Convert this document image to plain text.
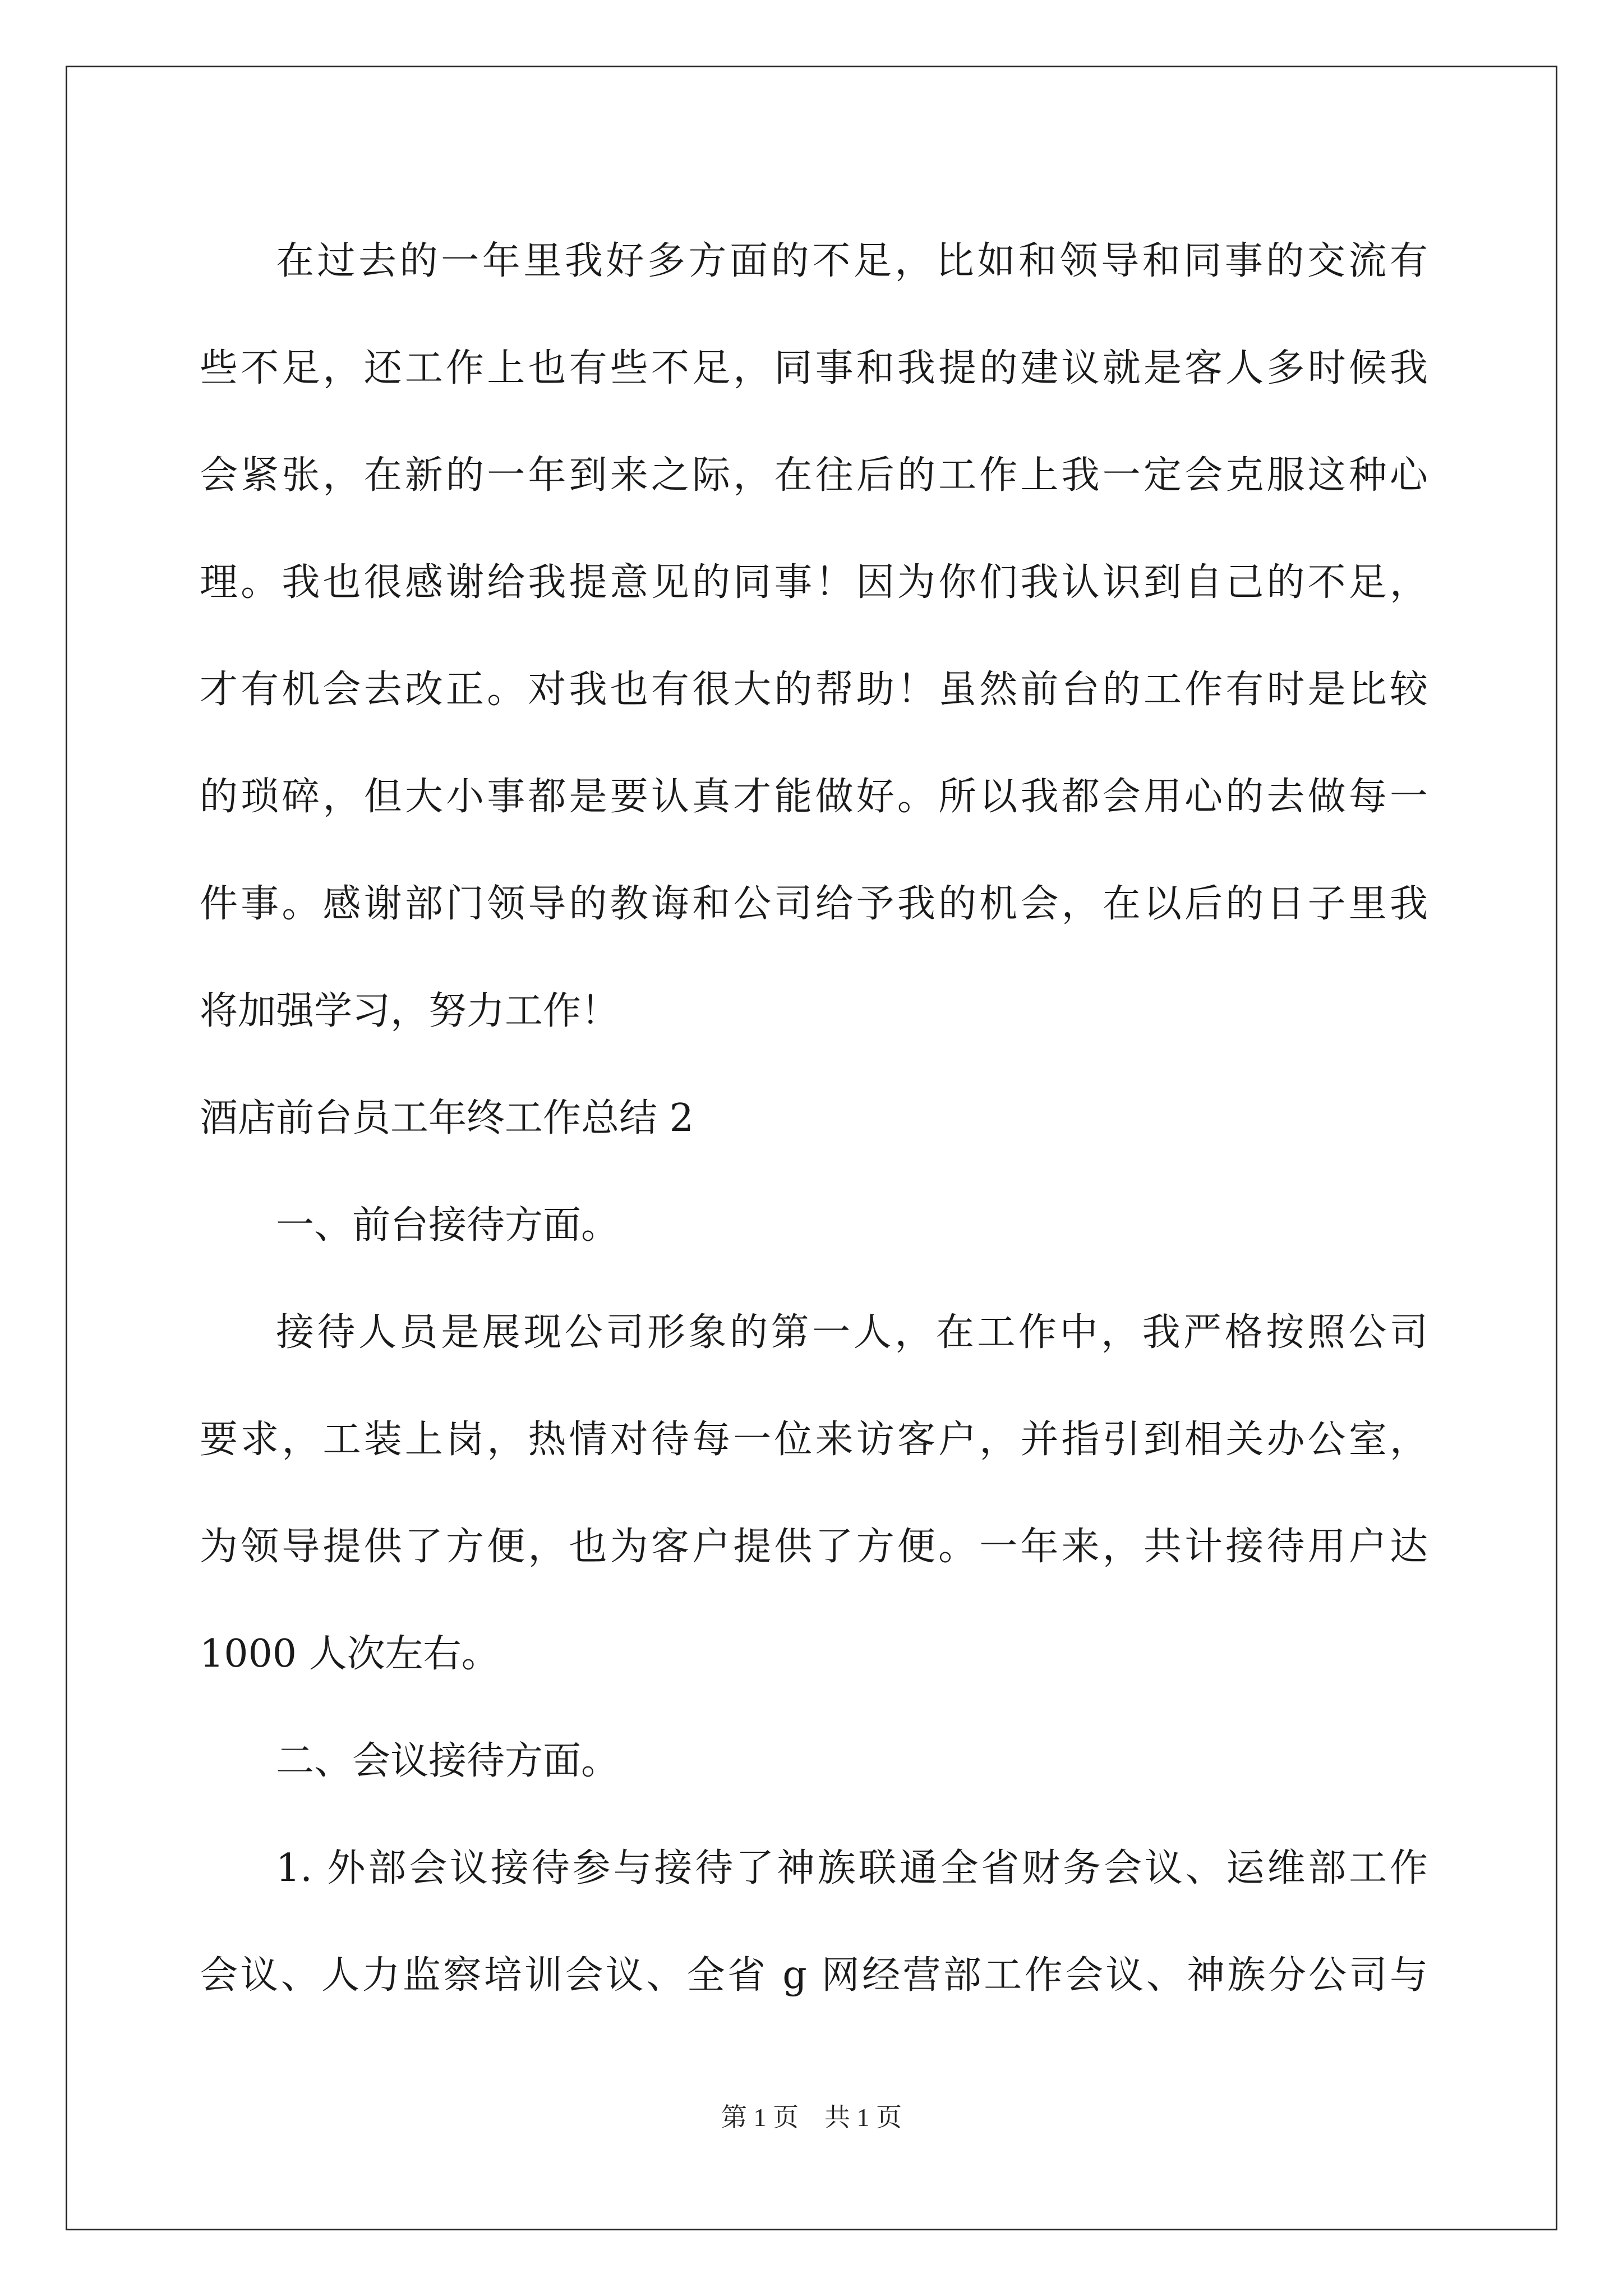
在过去的一年里我好多方面的不足，比如和领导和同事的交流有
些不足，还工作上也有些不足，同事和我提的建议就是客人多时候我
会紧张，在新的一年到来之际，在往后的工作上我一定会克服这种心
理。我也很感谢给我提意见的同事！因为你们我认识到自己的不足，
才有机会去改正。对我也有很大的帮助！虽然前台的工作有时是比较
的琐碎，但大小事都是要认真才能做好。所以我都会用心的去做每一
件事。感谢部门领导的教诲和公司给予我的机会，在以后的日子里我
将加强学习，努力工作！
酒店前台员工年终工作总结 2
一、前台接待方面。
接待人员是展现公司形象的第一人，在工作中，我严格按照公司
要求，工装上岗，热情对待每一位来访客户，并指引到相关办公室，
为领导提供了方便，也为客户提供了方便。一年来，共计接待用户达
1000 人次左右。
二、会议接待方面。
1. 外部会议接待参与接待了神族联通全省财务会议、运维部工作
会议、人力监察培训会议、全省 g 网经营部工作会议、神族分公司与
第 1 页　共 1 页
